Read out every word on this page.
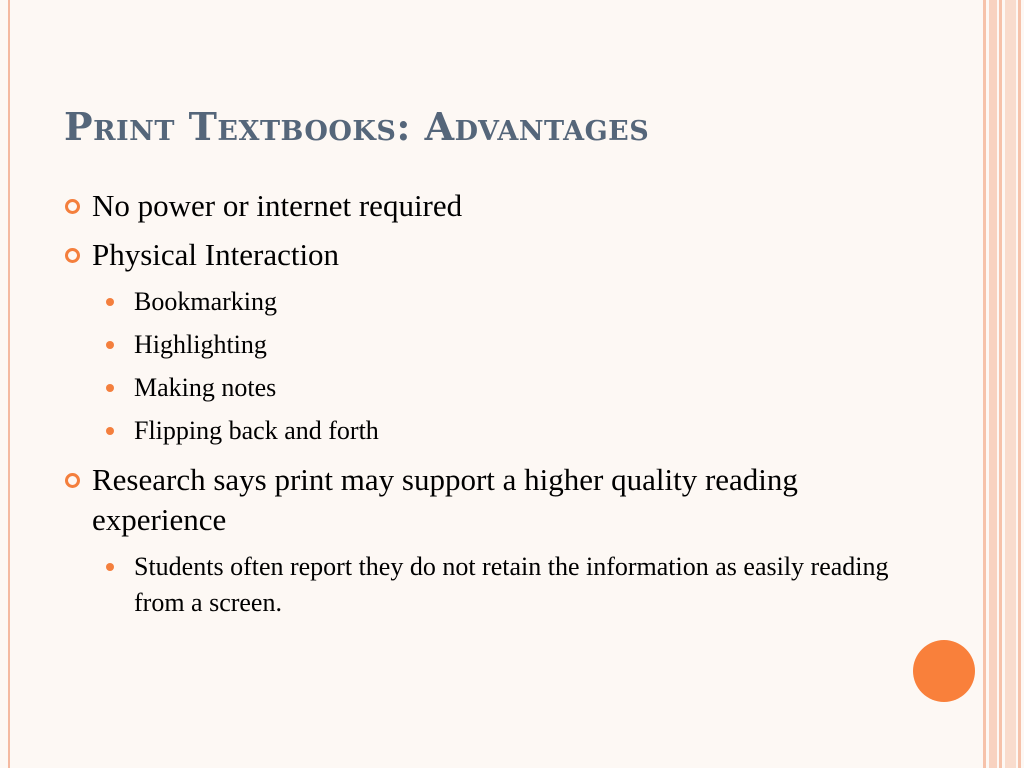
Print Textbooks: Advantages
No power or internet required
Physical Interaction
Bookmarking
Highlighting
Making notes
Flipping back and forth
Research says print may support a higher quality reading experience
Students often report they do not retain the information as easily reading from a screen.
